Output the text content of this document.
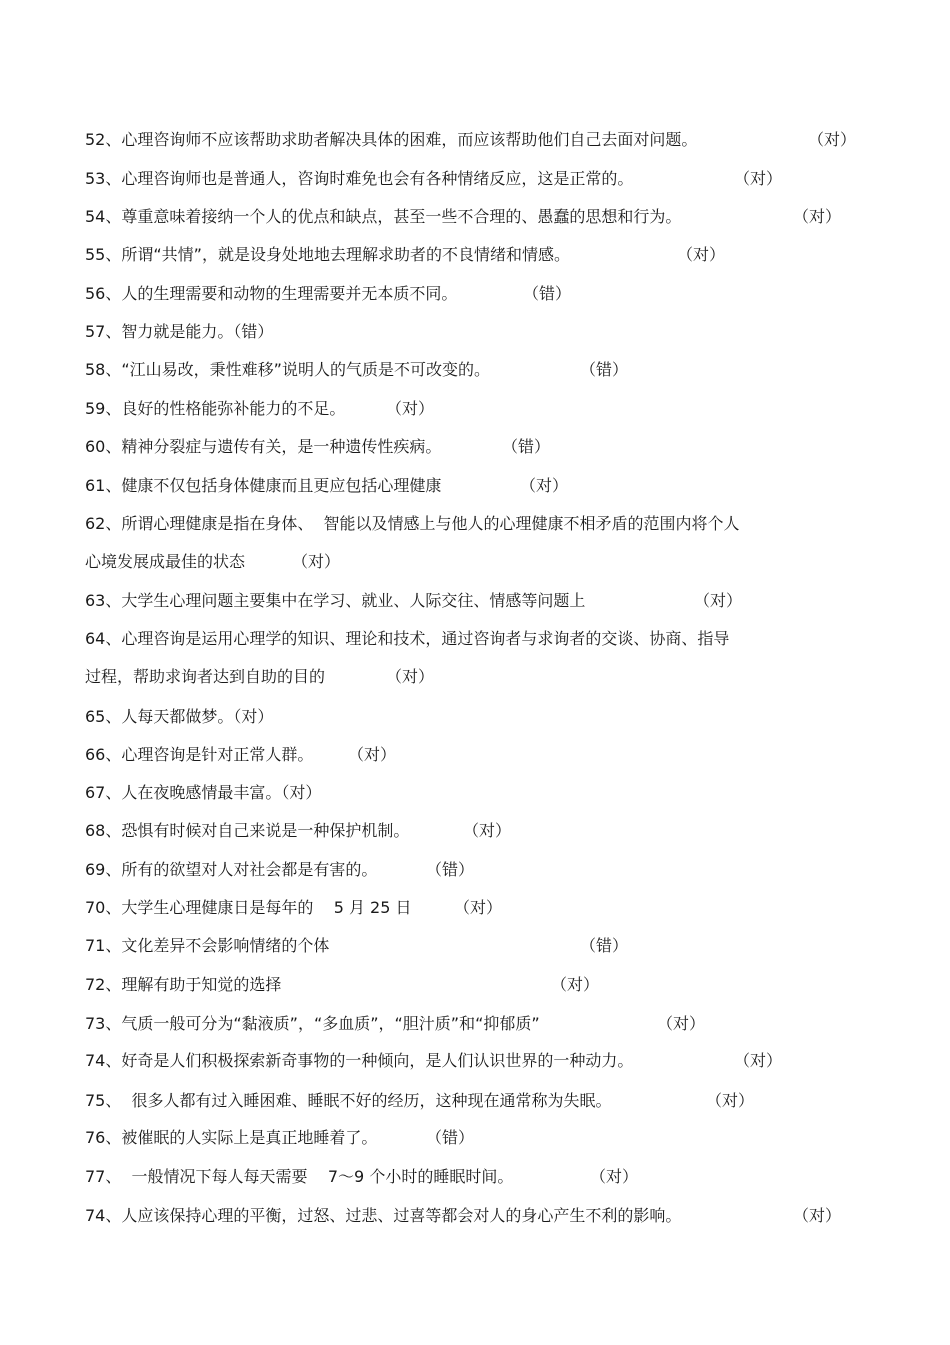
52、心理咨询师不应该帮助求助者解决具体的困难，而应该帮助他们自己去面对问题。	（对）
53、心理咨询师也是普通人，咨询时难免也会有各种情绪反应，这是正常的。	（对）
54、尊重意味着接纳一个人的优点和缺点，甚至一些不合理的、愚蠢的思想和行为。	（对）
55、所谓“共情”，就是设身处地地去理解求助者的不良情绪和情感。	（对）
56、人的生理需要和动物的生理需要并无本质不同。	（错）
57、智力就是能力。（错）
58、“江山易改，秉性难移”说明人的气质是不可改变的。	（错）
59、良好的性格能弥补能力的不足。	（对）
60、精神分裂症与遗传有关，是一种遗传性疾病。	（错）
61、健康不仅包括身体健康而且更应包括心理健康	（对）
62、所谓心理健康是指在身体、  智能以及情感上与他人的心理健康不相矛盾的范围内将个人
心境发展成最佳的状态	（对）
63、大学生心理问题主要集中在学习、就业、人际交往、情感等问题上	（对）
64、心理咨询是运用心理学的知识、理论和技术，通过咨询者与求询者的交谈、协商、指导
过程，帮助求询者达到自助的目的	（对）
65、人每天都做梦。（对）
66、心理咨询是针对正常人群。 （对）
67、人在夜晚感情最丰富。（对）
68、恐惧有时候对自己来说是一种保护机制。	（对）
69、所有的欲望对人对社会都是有害的。	（错）
70、大学生心理健康日是每年的    5 月 25 日	（对）
71、文化差异不会影响情绪的个体	（错）
72、理解有助于知觉的选择	（对）
73、气质一般可分为“黏液质”，“多血质”，“胆汁质”和“抑郁质”	（对）
74、好奇是人们积极探索新奇事物的一种倾向，是人们认识世界的一种动力。	（对）
75、  很多人都有过入睡困难、睡眠不好的经历，这种现在通常称为失眠。	（对）
76、被催眠的人实际上是真正地睡着了。	（错）
77、  一般情况下每人每天需要    7～9 个小时的睡眠时间。	（对）
74、人应该保持心理的平衡，过怒、过悲、过喜等都会对人的身心产生不利的影响。	（对）
